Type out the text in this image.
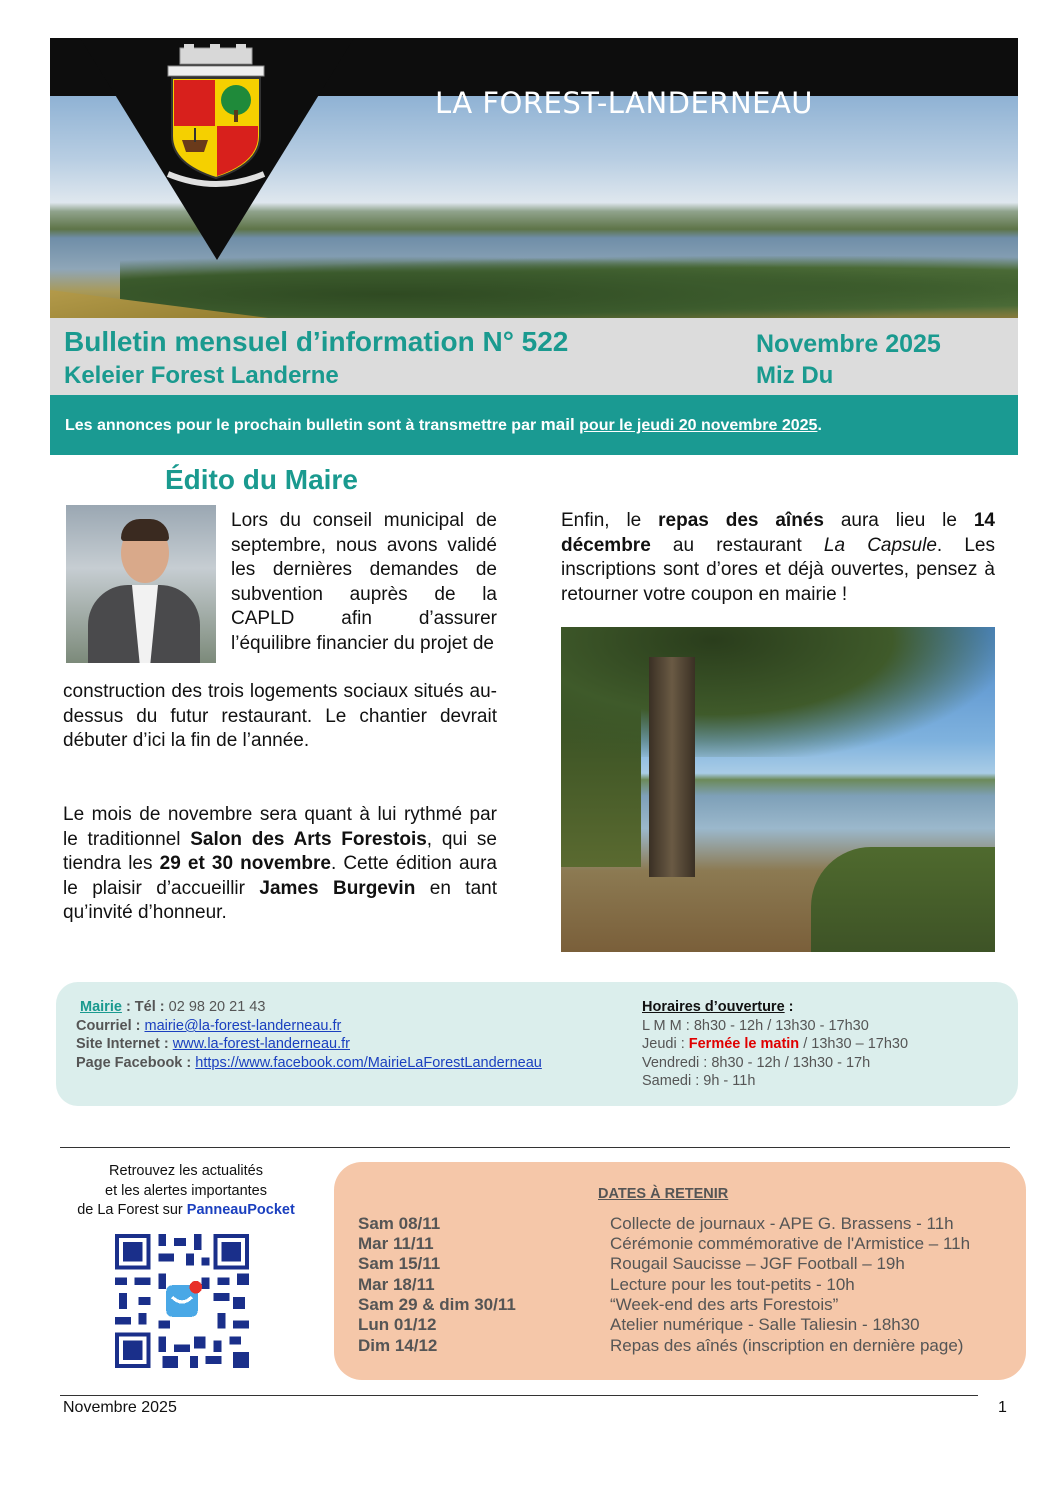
LA FOREST-LANDERNEAU
Bulletin mensuel d’information N° 522
Keleier Forest Landerne
Novembre 2025
Miz Du
Les annonces pour le prochain bulletin sont à transmettre par mail pour le jeudi 20 novembre 2025.
Édito du Maire
Lors du conseil municipal de septembre, nous avons validé les dernières demandes de subvention auprès de la CAPLD afin d’assurer l’équilibre financier du projet de
construction des trois logements sociaux situés au-dessus du futur restaurant. Le chantier devrait débuter d’ici la fin de l’année.
Le mois de novembre sera quant à lui rythmé par le traditionnel Salon des Arts Forestois, qui se tiendra les 29 et 30 novembre. Cette édition aura le plaisir d’accueillir James Burgevin en tant qu’invité d’honneur.
Enfin, le repas des aînés aura lieu le 14 décembre au restaurant La Capsule. Les inscriptions sont d’ores et déjà ouvertes, pensez à retourner votre coupon en mairie !
Mairie : Tél : 02 98 20 21 43
Courriel : mairie@la-forest-landerneau.fr
Site Internet : www.la-forest-landerneau.fr
Page Facebook : https://www.facebook.com/MairieLaForestLanderneau
Horaires d’ouverture :
L M M : 8h30 - 12h / 13h30 - 17h30
Jeudi : Fermée le matin / 13h30 – 17h30
Vendredi : 8h30 - 12h / 13h30 - 17h
Samedi : 9h - 11h
Retrouvez les actualités
et les alertes importantes
de La Forest sur PanneauPocket
DATES À RETENIR
Sam 08/11	Collecte de journaux - APE G. Brassens - 11h
Mar 11/11	Cérémonie commémorative de l'Armistice – 11h
Sam 15/11	Rougail Saucisse – JGF Football – 19h
Mar 18/11	Lecture pour les tout-petits - 10h
Sam 29 & dim 30/11	“Week-end des arts Forestois”
Lun 01/12	Atelier numérique - Salle Taliesin - 18h30
Dim 14/12	Repas des aînés (inscription en dernière page)
Novembre 2025	1
